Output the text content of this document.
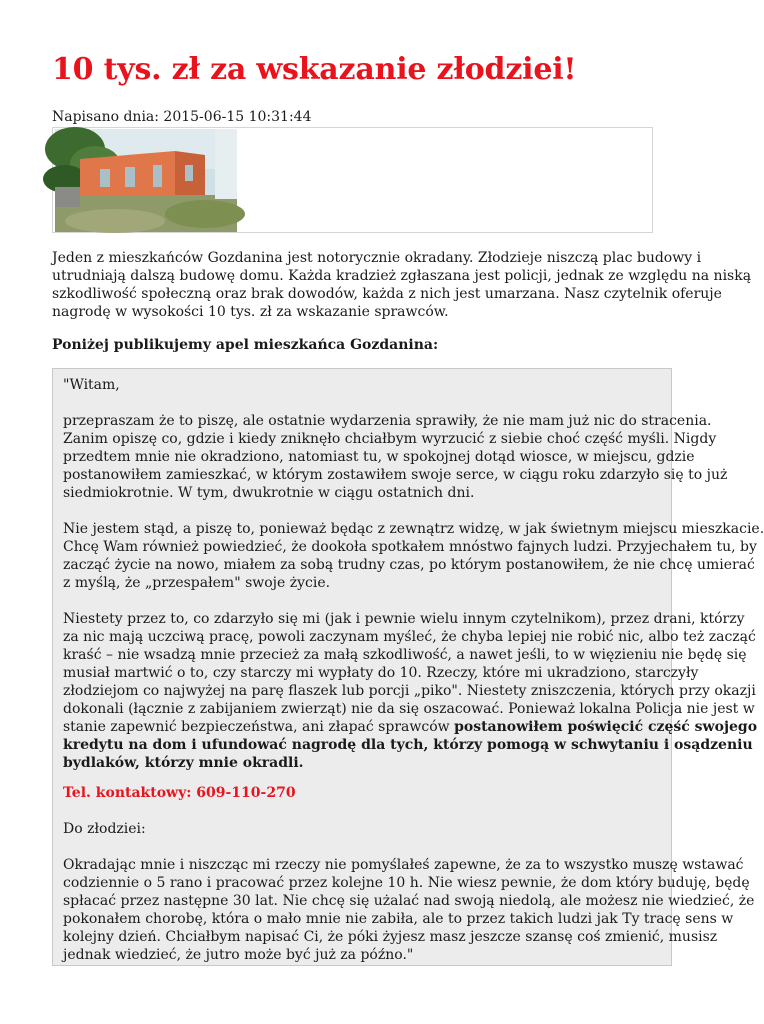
10 tys. zł za wskazanie złodziei!
Napisano dnia: 2015-06-15 10:31:44
Jeden z mieszkańców Gozdanina jest notorycznie okradany. Złodzieje niszczą plac budowy i
utrudniają dalszą budowę domu. Każda kradzież zgłaszana jest policji, jednak ze względu na niską
szkodliwość społeczną oraz brak dowodów, każda z nich jest umarzana. Nasz czytelnik oferuje
nagrodę w wysokości 10 tys. zł za wskazanie sprawców.

Poniżej publikujemy apel mieszkańca Gozdanina:

"Witam,
przepraszam że to piszę, ale ostatnie wydarzenia sprawiły, że nie mam już nic do stracenia.
Zanim opiszę co, gdzie i kiedy zniknęło chciałbym wyrzucić z siebie choć część myśli. Nigdy
przedtem mnie nie okradziono, natomiast tu, w spokojnej dotąd wiosce, w miejscu, gdzie
postanowiłem zamieszkać, w którym zostawiłem swoje serce, w ciągu roku zdarzyło się to już
siedmiokrotnie. W tym, dwukrotnie w ciągu ostatnich dni.
Nie jestem stąd, a piszę to, ponieważ będąc z zewnątrz widzę, w jak świetnym miejscu mieszkacie.
Chcę Wam również powiedzieć, że dookoła spotkałem mnóstwo fajnych ludzi. Przyjechałem tu, by
zacząć życie na nowo, miałem za sobą trudny czas, po którym postanowiłem, że nie chcę umierać
z myślą, że „przespałem" swoje życie.
Niestety przez to, co zdarzyło się mi (jak i pewnie wielu innym czytelnikom), przez drani, którzy
za nic mają uczciwą pracę, powoli zaczynam myśleć, że chyba lepiej nie robić nic, albo też zacząć
kraść – nie wsadzą mnie przecież za małą szkodliwość, a nawet jeśli, to w więzieniu nie będę się
musiał martwić o to, czy starczy mi wypłaty do 10. Rzeczy, które mi ukradziono, starczyły
złodziejom co najwyżej na parę flaszek lub porcji „piko". Niestety zniszczenia, których przy okazji
dokonali (łącznie z zabijaniem zwierząt) nie da się oszacować. Ponieważ lokalna Policja nie jest w
stanie zapewnić bezpieczeństwa, ani złapać sprawców postanowiłem poświęcić część swojego
kredytu na dom i ufundować nagrodę dla tych, którzy pomogą w schwytaniu i osądzeniu
bydlaków, którzy mnie okradli.
Tel. kontaktowy: 609-110-270
Do złodziei:
Okradając mnie i niszcząc mi rzeczy nie pomyślałeś zapewne, że za to wszystko muszę wstawać
codziennie o 5 rano i pracować przez kolejne 10 h. Nie wiesz pewnie, że dom który buduję, będę
spłacać przez następne 30 lat. Nie chcę się użalać nad swoją niedolą, ale możesz nie wiedzieć, że
pokonałem chorobę, która o mało mnie nie zabiła, ale to przez takich ludzi jak Ty tracę sens w
kolejny dzień. Chciałbym napisać Ci, że póki żyjesz masz jeszcze szansę coś zmienić, musisz
jednak wiedzieć, że jutro może być już za późno."
